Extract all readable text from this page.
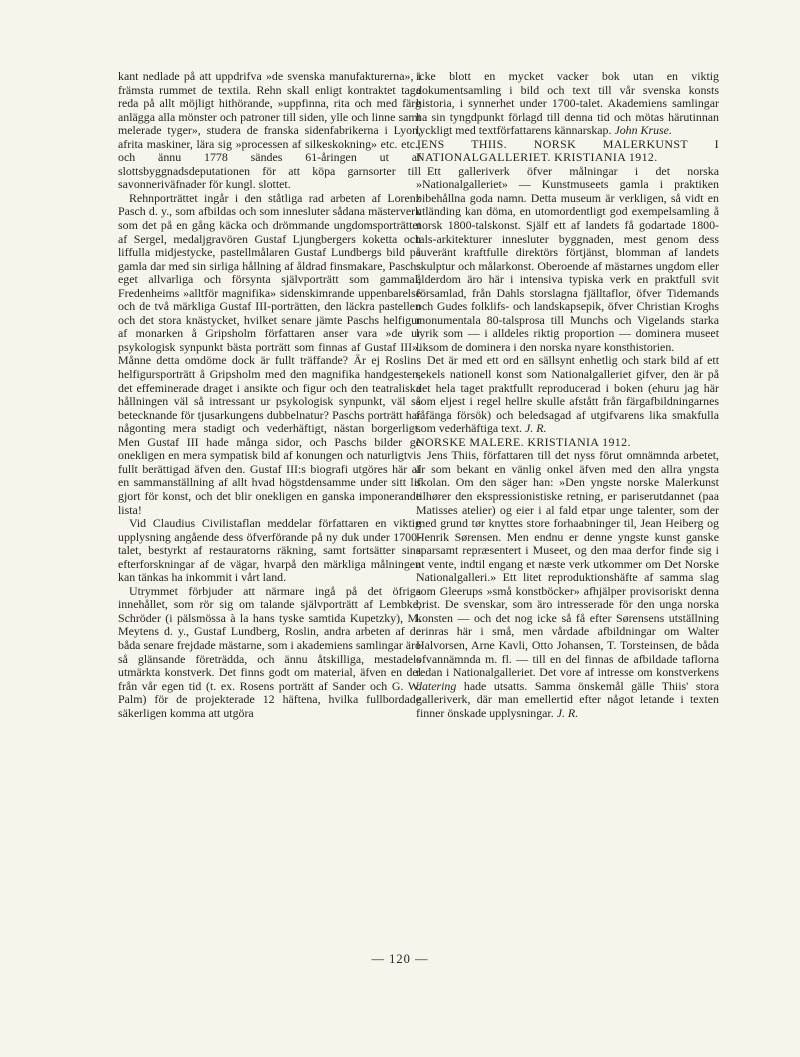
kant nedlade på att uppdrifva »de svenska manufakturerna», i främsta rummet de textila. Rehn skall enligt kontraktet taga reda på allt möjligt hithörande, »uppfinna, rita och med färg anlägga alla mönster och patroner till siden, ylle och linne samt melerade tyger», studera de franska sidenfabrikerna i Lyon, afrita maskiner, lära sig »processen af silkeskokning» etc. etc., och ännu 1778 sändes 61-åringen ut af slottsbyggnadsdeputationen för att köpa garnsorter till savonneriväfnader för kungl. slottet.

Rehnporträttet ingår i den ståtliga rad arbeten af Lorenz Pasch d. y., som afbildas och som innesluter sådana mästerverk som det på en gång käcka och drömmande ungdomsporträttet af Sergel, medaljgravören Gustaf Ljungbergers koketta och liffulla midjestycke, pastellmålaren Gustaf Lundbergs bild på gamla dar med sin sirliga hållning af åldrad finsmakare, Paschs eget allvarliga och försynta självporträtt som gammal, Fredenheims »alltför magnifika» sidenskimrande uppenbarelse och de två märkliga Gustaf III-porträtten, den läckra pastellen och det stora knästycket, hvilket senare jämte Paschs helfigur af monarken å Gripsholm författaren anser vara »de ur psykologisk synpunkt bästa porträtt som finnas af Gustaf III». Månne detta omdöme dock är fullt träffande? Är ej Roslins helfigursporträtt å Gripsholm med den magnifika handgesten, det effeminerade draget i ansikte och figur och den teatraliska hållningen väl så intressant ur psykologisk synpunkt, väl så betecknande för tjusarkungens dubbelnatur? Paschs porträtt har någonting mera stadigt och vederhäftigt, nästan borgerligt. Men Gustaf III hade många sidor, och Paschs bilder ge onekligen en mera sympatisk bild af konungen och naturligtvis fullt berättigad äfven den. Gustaf III:s biografi utgöres här af en sammanställning af allt hvad högstdensamme under sitt lif gjort för konst, och det blir onekligen en ganska imponerande lista!

Vid Claudius Civilistaflan meddelar författaren en viktig upplysning angående dess öfverförande på ny duk under 1700-talet, bestyrkt af restauratorns räkning, samt fortsätter sina efterforskningar af de vägar, hvarpå den märkliga målningen kan tänkas ha inkommit i vårt land.

Utrymmet förbjuder att närmare ingå på det öfriga innehållet, som rör sig om talande självporträtt af Lembke, Schröder (i pälsmössa à la hans tyske samtida Kupetzky), M. Meytens d. y., Gustaf Lundberg, Roslin, andra arbeten af de båda senare frejdade mästarne, som i akademiens samlingar äro så glänsande företrädda, och ännu åtskilliga, mestadels utmärkta konstverk. Det finns godt om material, äfven en del från vår egen tid (t. ex. Rosens porträtt af Sander och G. W. Palm) för de projekterade 12 häftena, hvilka fullbordade säkerligen komma att utgöra

icke blott en mycket vacker bok utan en viktig dokumentsamling i bild och text till vår svenska konsts historia, i synnerhet under 1700-talet. Akademiens samlingar ha sin tyngdpunkt förlagd till denna tid och mötas härutinnan lyckligt med textförfattarens kännarskap. John Kruse.

JENS THIIS. NORSK MALERKUNST I NATIONALGALLERIET. KRISTIANIA 1912.

Ett galleriverk öfver målningar i det norska »Nationalgalleriet» — Kunstmuseets gamla i praktiken bibehållna goda namn. Detta museum är verkligen, så vidt en utländing kan döma, en utomordentligt god exempelsamling å norsk 1800-talskonst. Själf ett af landets få godartade 1800-tals-arkitekturer innesluter byggnaden, mest genom dess suveränt kraftfulle direktörs förtjänst, blomman af landets skulptur och målarkonst. Oberoende af mästarnes ungdom eller ålderdom äro här i intensiva typiska verk en praktfull svit församlad, från Dahls storslagna fjälltaflor, öfver Tidemands och Gudes folklifs- och landskapsepik, öfver Christian Kroghs monumentala 80-talsprosa till Munchs och Vigelands starka lyrik som — i alldeles riktig proportion — dominera museet liksom de dominera i den norska nyare konsthistorien.

Det är med ett ord en sällsynt enhetlig och stark bild af ett sekels nationell konst som Nationalgalleriet gifver, den är på det hela taget praktfullt reproducerad i boken (ehuru jag här som eljest i regel hellre skulle afstått från färgafbildningarnes fåfänga försök) och beledsagad af utgifvarens lika smakfulla som vederhäftiga text. J. R.

NORSKE MALERE. KRISTIANIA 1912.

Jens Thiis, författaren till det nyss förut omnämnda arbetet, är som bekant en vänlig onkel äfven med den allra yngsta skolan. Om den säger han: »Den yngste norske Malerkunst tilhører den ekspressionistiske retning, er pariserutdannet (paa Matisses atelier) og eier i al fald etpar unge talenter, som der med grund tør knyttes store forhaabninger til, Jean Heiberg og Henrik Sørensen. Men endnu er denne yngste kunst ganske sparsamt repræsentert i Museet, og den maa derfor finde sig i at vente, indtil engang et næste verk utkommer om Det Norske Nationalgalleri.» Ett litet reproduktionshäfte af samma slag som Gleerups »små konstböcker» afhjälper provisoriskt denna brist. De svenskar, som äro intresserade för den unga norska konsten — och det nog icke så få efter Sørensens utställning erinras här i små, men vårdade afbildningar om Walter Halvorsen, Arne Kavli, Otto Johansen, T. Torsteinsen, de båda ofvannämnda m. fl. — till en del finnas de afbildade taflorna redan i Nationalgalleriet. Det vore af intresse om konstverkens datering hade utsatts. Samma önskemål gälle Thiis' stora galleriverk, där man emellertid efter något letande i texten finner önskade upplysningar. J. R.

— 120 —
